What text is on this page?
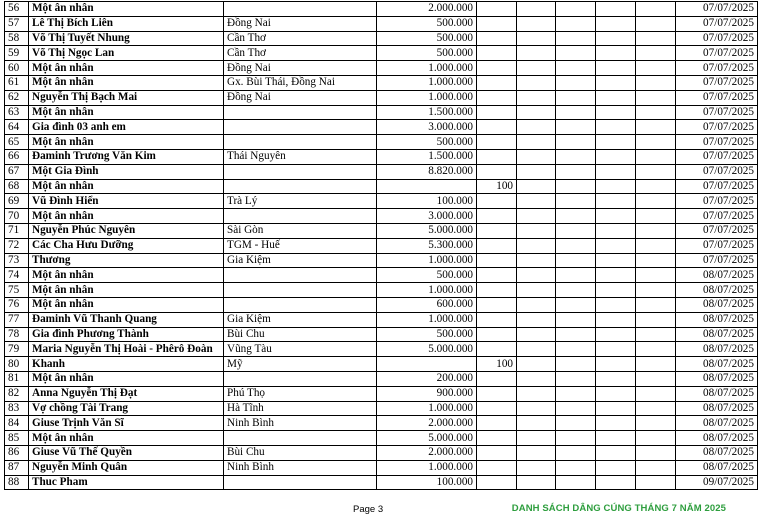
56	Một ân nhân		2.000.000						07/07/2025
57	Lê Thị Bích Liên	Đồng Nai	500.000						07/07/2025
58	Võ Thị Tuyết Nhung	Cần Thơ	500.000						07/07/2025
59	Võ Thị Ngọc Lan	Cần Thơ	500.000						07/07/2025
60	Một ân nhân	Đồng Nai	1.000.000						07/07/2025
61	Một ân nhân	Gx. Bùi Thái, Đồng Nai	1.000.000						07/07/2025
62	Nguyễn Thị Bạch Mai	Đồng Nai	1.000.000						07/07/2025
63	Một ân nhân		1.500.000						07/07/2025
64	Gia đình 03 anh em		3.000.000						07/07/2025
65	Một ân nhân		500.000						07/07/2025
66	Đaminh Trương Văn Kim	Thái Nguyên	1.500.000						07/07/2025
67	Một Gia Đình		8.820.000						07/07/2025
68	Một ân nhân			100					07/07/2025
69	Vũ Đình Hiển	Trà Lý	100.000						07/07/2025
70	Một ân nhân		3.000.000						07/07/2025
71	Nguyễn Phúc Nguyên	Sài Gòn	5.000.000						07/07/2025
72	Các Cha Hưu Dưỡng	TGM - Huế	5.300.000						07/07/2025
73	Thương	Gia Kiệm	1.000.000						07/07/2025
74	Một ân nhân		500.000						08/07/2025
75	Một ân nhân		1.000.000						08/07/2025
76	Một ân nhân		600.000						08/07/2025
77	Đaminh Vũ Thanh Quang	Gia Kiệm	1.000.000						08/07/2025
78	Gia đình Phương Thành	Bùi Chu	500.000						08/07/2025
79	Maria Nguyễn Thị Hoài - Phêrô Đoàn	Vũng Tàu	5.000.000						08/07/2025
80	Khanh	Mỹ		100					08/07/2025
81	Một ân nhân		200.000						08/07/2025
82	Anna Nguyễn Thị Đạt	Phú Thọ	900.000						08/07/2025
83	Vợ chồng Tài Trang	Hà Tĩnh	1.000.000						08/07/2025
84	Giuse Trịnh Văn Sĩ	Ninh Bình	2.000.000						08/07/2025
85	Một ân nhân		5.000.000						08/07/2025
86	Giuse Vũ Thế Quyền	Bùi Chu	2.000.000						08/07/2025
87	Nguyễn Minh Quân	Ninh Bình	1.000.000						08/07/2025
88	Thuc Pham		100.000						09/07/2025
Page 3	DANH SÁCH DÂNG CÚNG THÁNG 7 NĂM 2025
